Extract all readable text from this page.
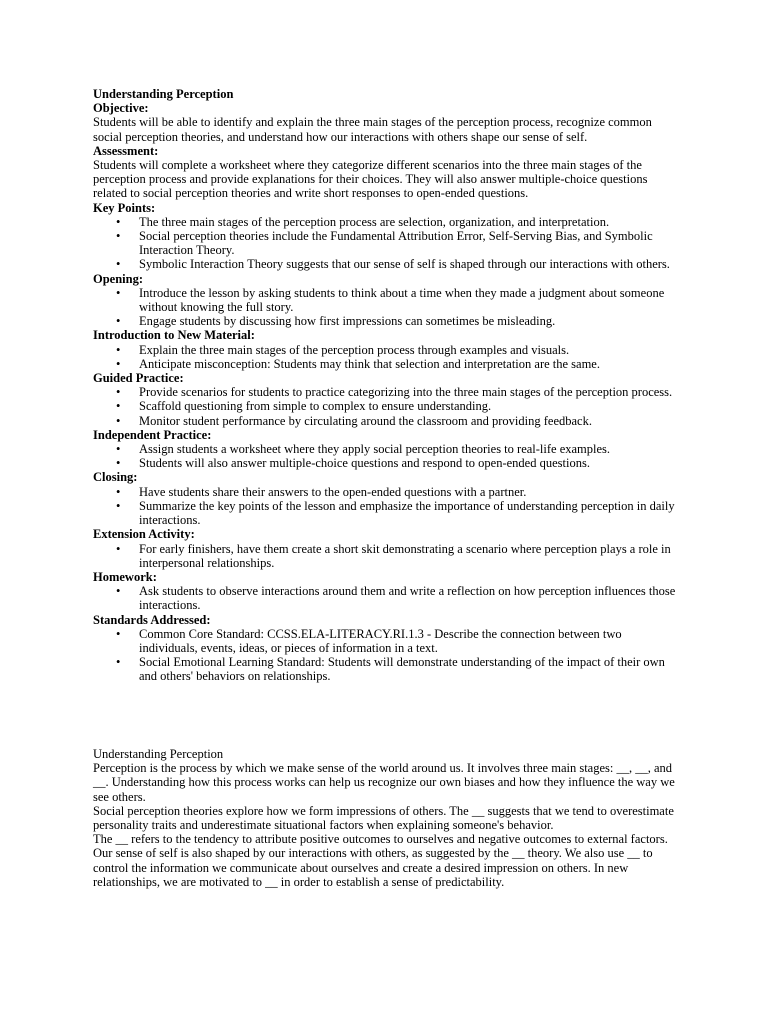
Understanding Perception

Objective:

Students will be able to identify and explain the three main stages of the perception process, recognize common social perception theories, and understand how our interactions with others shape our sense of self.

Assessment:

Students will complete a worksheet where they categorize different scenarios into the three main stages of the perception process and provide explanations for their choices. They will also answer multiple-choice questions related to social perception theories and write short responses to open-ended questions.

Key Points:

• The three main stages of the perception process are selection, organization, and interpretation.
• Social perception theories include the Fundamental Attribution Error, Self-Serving Bias, and Symbolic Interaction Theory.
• Symbolic Interaction Theory suggests that our sense of self is shaped through our interactions with others.

Opening:

• Introduce the lesson by asking students to think about a time when they made a judgment about someone without knowing the full story.
• Engage students by discussing how first impressions can sometimes be misleading.

Introduction to New Material:

• Explain the three main stages of the perception process through examples and visuals.
• Anticipate misconception: Students may think that selection and interpretation are the same.

Guided Practice:

• Provide scenarios for students to practice categorizing into the three main stages of the perception process.
• Scaffold questioning from simple to complex to ensure understanding.
• Monitor student performance by circulating around the classroom and providing feedback.

Independent Practice:

• Assign students a worksheet where they apply social perception theories to real-life examples.
• Students will also answer multiple-choice questions and respond to open-ended questions.

Closing:

• Have students share their answers to the open-ended questions with a partner.
• Summarize the key points of the lesson and emphasize the importance of understanding perception in daily interactions.

Extension Activity:

• For early finishers, have them create a short skit demonstrating a scenario where perception plays a role in interpersonal relationships.

Homework:

• Ask students to observe interactions around them and write a reflection on how perception influences those interactions.

Standards Addressed:

• Common Core Standard: CCSS.ELA-LITERACY.RI.1.3 - Describe the connection between two individuals, events, ideas, or pieces of information in a text.
• Social Emotional Learning Standard: Students will demonstrate understanding of the impact of their own and others' behaviors on relationships.

Understanding Perception

Perception is the process by which we make sense of the world around us. It involves three main stages: __, __, and __. Understanding how this process works can help us recognize our own biases and how they influence the way we see others.

Social perception theories explore how we form impressions of others. The __ suggests that we tend to overestimate personality traits and underestimate situational factors when explaining someone's behavior.

The __ refers to the tendency to attribute positive outcomes to ourselves and negative outcomes to external factors.

Our sense of self is also shaped by our interactions with others, as suggested by the __ theory. We also use __ to control the information we communicate about ourselves and create a desired impression on others. In new relationships, we are motivated to __ in order to establish a sense of predictability.
